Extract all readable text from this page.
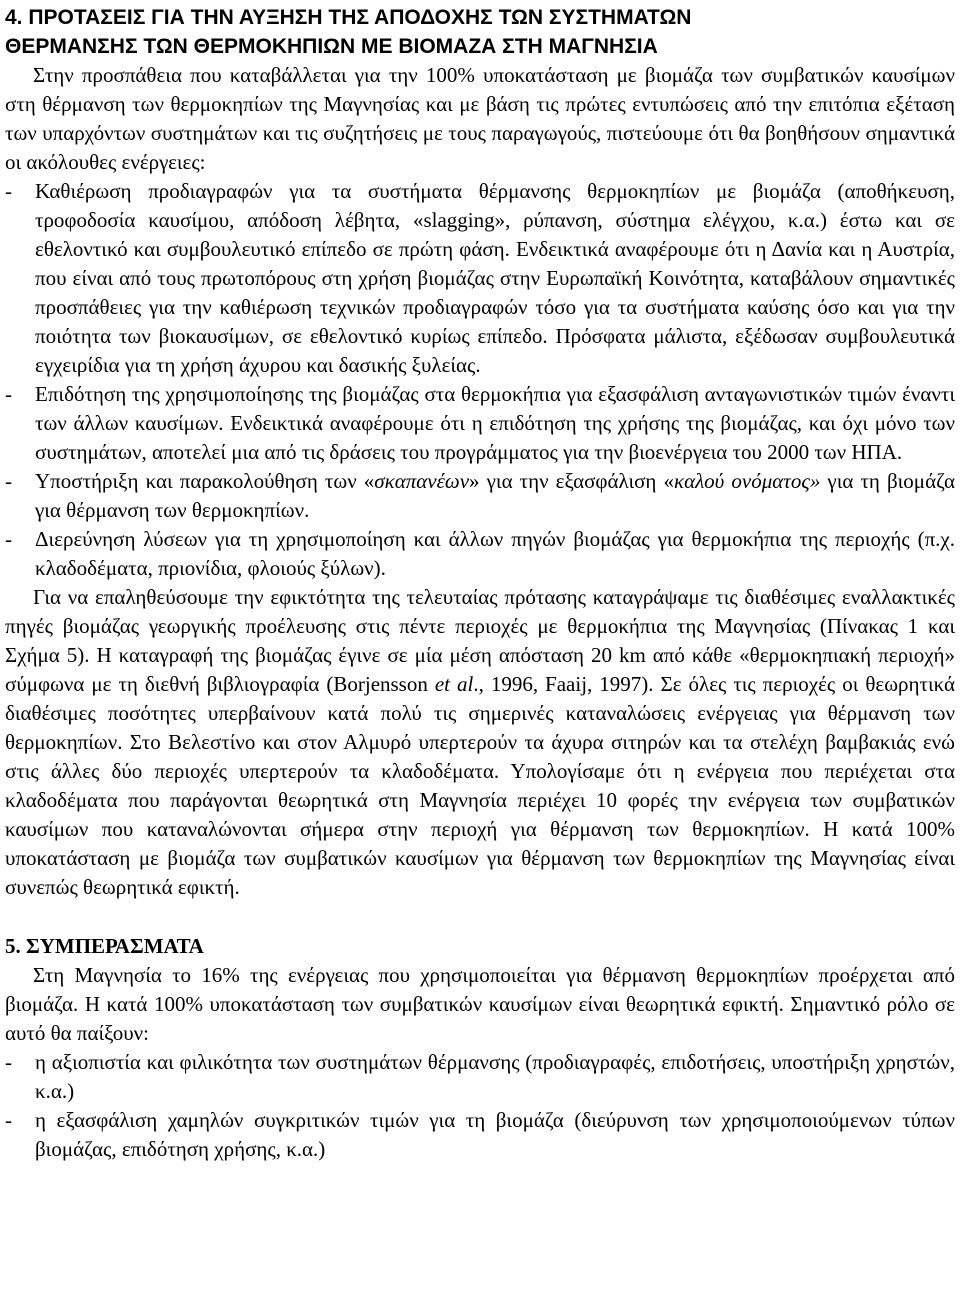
4. ΠΡΟΤΑΣΕΙΣ ΓΙΑ ΤΗΝ ΑΥΞΗΣΗ ΤΗΣ ΑΠΟΔΟΧΗΣ ΤΩΝ ΣΥΣΤΗΜΑΤΩΝ
ΘΕΡΜΑΝΣΗΣ ΤΩΝ ΘΕΡΜΟΚΗΠΙΩΝ ΜΕ ΒΙΟΜΑΖΑ ΣΤΗ ΜΑΓΝΗΣΙΑ

Στην προσπάθεια που καταβάλλεται για την 100% υποκατάσταση με βιομάζα των συμβατικών καυσίμων στη θέρμανση των θερμοκηπίων της Μαγνησίας και με βάση τις πρώτες εντυπώσεις από την επιτόπια εξέταση των υπαρχόντων συστημάτων και τις συζητήσεις με τους παραγωγούς, πιστεύουμε ότι θα βοηθήσουν σημαντικά οι ακόλουθες ενέργειες:

-	Καθιέρωση προδιαγραφών για τα συστήματα θέρμανσης θερμοκηπίων με βιομάζα (αποθήκευση, τροφοδοσία καυσίμου, απόδοση λέβητα, «slagging», ρύπανση, σύστημα ελέγχου, κ.α.) έστω και σε εθελοντικό και συμβουλευτικό επίπεδο σε πρώτη φάση. Ενδεικτικά αναφέρουμε ότι η Δανία και η Αυστρία, που είναι από τους πρωτοπόρους στη χρήση βιομάζας στην Ευρωπαϊκή Κοινότητα, καταβάλουν σημαντικές προσπάθειες για την καθιέρωση τεχνικών προδιαγραφών τόσο για τα συστήματα καύσης όσο και για την ποιότητα των βιοκαυσίμων, σε εθελοντικό κυρίως επίπεδο. Πρόσφατα μάλιστα, εξέδωσαν συμβουλευτικά εγχειρίδια για τη χρήση άχυρου και δασικής ξυλείας.
-	Επιδότηση της χρησιμοποίησης της βιομάζας στα θερμοκήπια για εξασφάλιση ανταγωνιστικών τιμών έναντι των άλλων καυσίμων. Ενδεικτικά αναφέρουμε ότι η επιδότηση της χρήσης της βιομάζας, και όχι μόνο των συστημάτων, αποτελεί μια από τις δράσεις του προγράμματος για την βιοενέργεια του 2000 των ΗΠΑ.
-	Υποστήριξη και παρακολούθηση των «σκαπανέων» για την εξασφάλιση «καλού ονόματος» για τη βιομάζα για θέρμανση των θερμοκηπίων.
-	Διερεύνηση λύσεων για τη χρησιμοποίηση και άλλων πηγών βιομάζας για θερμοκήπια της περιοχής (π.χ. κλαδοδέματα, πριονίδια, φλοιούς ξύλων).

Για να επαληθεύσουμε την εφικτότητα της τελευταίας πρότασης καταγράψαμε τις διαθέσιμες εναλλακτικές πηγές βιομάζας γεωργικής προέλευσης στις πέντε περιοχές με θερμοκήπια της Μαγνησίας (Πίνακας 1 και Σχήμα 5). Η καταγραφή της βιομάζας έγινε σε μία μέση απόσταση 20 km από κάθε «θερμοκηπιακή περιοχή» σύμφωνα με τη διεθνή βιβλιογραφία (Borjensson et al., 1996, Faaij, 1997). Σε όλες τις περιοχές οι θεωρητικά διαθέσιμες ποσότητες υπερβαίνουν κατά πολύ τις σημερινές καταναλώσεις ενέργειας για θέρμανση των θερμοκηπίων. Στο Βελεστίνο και στον Αλμυρό υπερτερούν τα άχυρα σιτηρών και τα στελέχη βαμβακιάς ενώ στις άλλες δύο περιοχές υπερτερούν τα κλαδοδέματα. Υπολογίσαμε ότι η ενέργεια που περιέχεται στα κλαδοδέματα που παράγονται θεωρητικά στη Μαγνησία περιέχει 10 φορές την ενέργεια των συμβατικών καυσίμων που καταναλώνονται σήμερα στην περιοχή για θέρμανση των θερμοκηπίων. Η κατά 100% υποκατάσταση με βιομάζα των συμβατικών καυσίμων για θέρμανση των θερμοκηπίων της Μαγνησίας είναι συνεπώς θεωρητικά εφικτή.

5. ΣΥΜΠΕΡΑΣΜΑΤΑ

Στη Μαγνησία το 16% της ενέργειας που χρησιμοποιείται για θέρμανση θερμοκηπίων προέρχεται από βιομάζα. Η κατά 100% υποκατάσταση των συμβατικών καυσίμων είναι θεωρητικά εφικτή. Σημαντικό ρόλο σε αυτό θα παίξουν:

-	η αξιοπιστία και φιλικότητα των συστημάτων θέρμανσης (προδιαγραφές, επιδοτήσεις, υποστήριξη χρηστών, κ.α.)
-	η εξασφάλιση χαμηλών συγκριτικών τιμών για τη βιομάζα (διεύρυνση των χρησιμοποιούμενων τύπων βιομάζας, επιδότηση χρήσης, κ.α.)
